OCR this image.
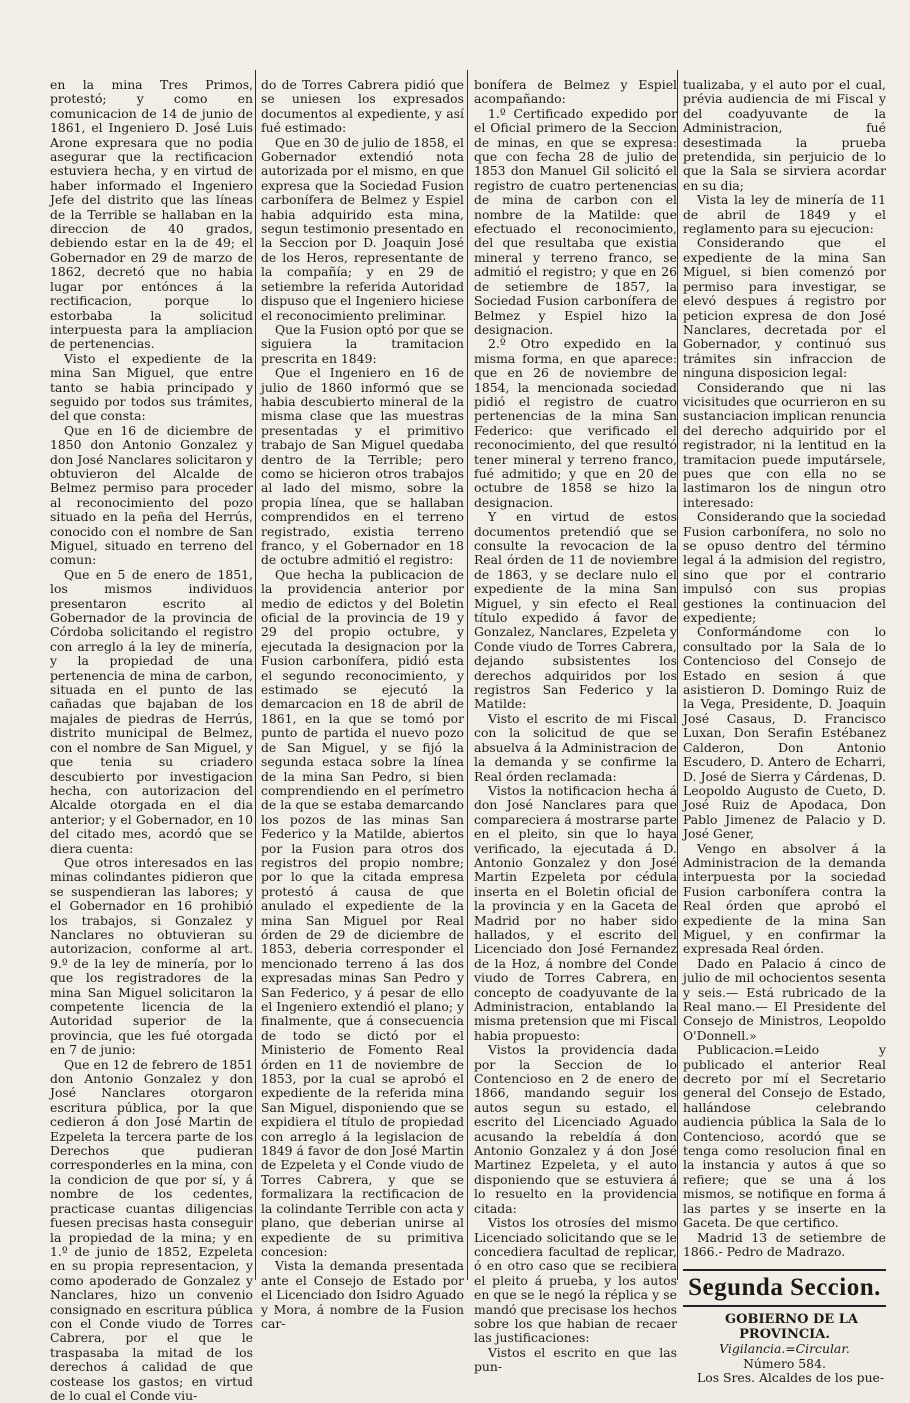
en la mina Tres Primos, protestó; y como en comunicacion de 14 de junio de 1861, el Ingeniero D. José Luis Arone expresara que no podia asegurar que la rectificacion estuviera hecha, y en virtud de haber informado el Ingeniero Jefe del distrito que las líneas de la Terrible se hallaban en la direccion de 40 grados, debiendo estar en la de 49; el Gobernador en 29 de marzo de 1862, decretó que no habia lugar por entónces á la rectificacion, porque lo estorbaba la solicitud interpuesta para la ampliacion de pertenencias.

Visto el expediente de la mina San Miguel, que entre tanto se habia principado y seguido por todos sus trámites, del que consta:

Que en 16 de diciembre de 1850 don Antonio Gonzalez y don José Nanclares solicitaron y obtuvieron del Alcalde de Belmez permiso para proceder al reconocimiento del pozo situado en la peña del Herrús, conocido con el nombre de San Miguel, situado en terreno del comun:

Que en 5 de enero de 1851, los mismos individuos presentaron escrito al Gobernador de la provincia de Córdoba solicitando el registro con arreglo á la ley de minería, y la propiedad de una pertenencia de mina de carbon, situada en el punto de las cañadas que bajaban de los majales de piedras de Herrús, distrito municipal de Belmez, con el nombre de San Miguel, y que tenia su criadero descubierto por investigacion hecha, con autorizacion del Alcalde otorgada en el dia anterior; y el Gobernador, en 10 del citado mes, acordó que se diera cuenta:

Que otros interesados en las minas colindantes pidieron que se suspendieran las labores; y el Gobernador en 16 prohibió los trabajos, si Gonzalez y Nanclares no obtuvieran su autorizacion, conforme al art. 9.º de la ley de minería, por lo que los registradores de la mina San Miguel solicitaron la competente licencia de la Autoridad superior de la provincia, que les fué otorgada en 7 de junio:

Que en 12 de febrero de 1851 don Antonio Gonzalez y don José Nanclares otorgaron escritura pública, por la que cedieron á don José Martin de Ezpeleta la tercera parte de los Derechos que pudieran corresponderles en la mina, con la condicion de que por sí, y á nombre de los cedentes, practicase cuantas diligencias fuesen precisas hasta conseguir la propiedad de la mina; y en 1.º de junio de 1852, Ezpeleta en su propia representacion, y como apoderado de Gonzalez y Nanclares, hizo un convenio consignado en escritura pública con el Conde viudo de Torres Cabrera, por el que le traspasaba la mitad de los derechos á calidad de que costease los gastos; en virtud de lo cual el Conde viu-

do de Torres Cabrera pidió que se uniesen los expresados documentos al expediente, y así fué estimado:

Que en 30 de julio de 1858, el Gobernador extendió nota autorizada por el mismo, en que expresa que la Sociedad Fusion carbonífera de Belmez y Espiel habia adquirido esta mina, segun testimonio presentado en la Seccion por D. Joaquin José de los Heros, representante de la compañía; y en 29 de setiembre la referida Autoridad dispuso que el Ingeniero hiciese el reconocimiento preliminar.

Que la Fusion optó por que se siguiera la tramitacion prescrita en 1849:

Que el Ingeniero en 16 de julio de 1860 informó que se habia descubierto mineral de la misma clase que las muestras presentadas y el primitivo trabajo de San Miguel quedaba dentro de la Terrible; pero como se hicieron otros trabajos al lado del mismo, sobre la propia línea, que se hallaban comprendidos en el terreno registrado, existia terreno franco, y el Gobernador en 18 de octubre admitió el registro:

Que hecha la publicacion de la providencia anterior por medio de edictos y del Boletin oficial de la provincia de 19 y 29 del propio octubre, y ejecutada la designacion por la Fusion carbonífera, pidió esta el segundo reconocimiento, y estimado se ejecutó la demarcacion en 18 de abril de 1861, en la que se tomó por punto de partida el nuevo pozo de San Miguel, y se fijó la segunda estaca sobre la línea de la mina San Pedro, si bien comprendiendo en el perímetro de la que se estaba demarcando los pozos de las minas San Federico y la Matilde, abiertos por la Fusion para otros dos registros del propio nombre; por lo que la citada empresa protestó á causa de que anulado el expediente de la mina San Miguel por Real órden de 29 de diciembre de 1853, deberia corresponder el mencionado terreno á las dos expresadas minas San Pedro y San Federico, y á pesar de ello el Ingeniero extendió el plano; y finalmente, que á consecuencia de todo se dictó por el Ministerio de Fomento Real órden en 11 de noviembre de 1853, por la cual se aprobó el expediente de la referida mina San Miguel, disponiendo que se expidiera el título de propiedad con arreglo á la legislacion de 1849 á favor de don José Martin de Ezpeleta y el Conde viudo de Torres Cabrera, y que se formalizara la rectificacion de la colindante Terrible con acta y plano, que deberian unirse al expediente de su primitiva concesion:

Vista la demanda presentada ante el Consejo de Estado por el Licenciado don Isidro Aguado y Mora, á nombre de la Fusion car-

bonífera de Belmez y Espiel acompañando:

1.º Certificado expedido por el Oficial primero de la Seccion de minas, en que se expresa: que con fecha 28 de julio de 1853 don Manuel Gil solicitó el registro de cuatro pertenencias de mina de carbon con el nombre de la Matilde: que efectuado el reconocimiento, del que resultaba que existia mineral y terreno franco, se admitió el registro; y que en 26 de setiembre de 1857, la Sociedad Fusion carbonífera de Belmez y Espiel hizo la designacion.

2.º Otro expedido en la misma forma, en que aparece: que en 26 de noviembre de 1854, la mencionada sociedad pidió el registro de cuatro pertenencias de la mina San Federico: que verificado el reconocimiento, del que resultó tener mineral y terreno franco, fué admitido; y que en 20 de octubre de 1858 se hizo la designacion.

Y en virtud de estos documentos pretendió que se consulte la revocacion de la Real órden de 11 de noviembre de 1863, y se declare nulo el expediente de la mina San Miguel, y sin efecto el Real título expedido á favor de Gonzalez, Nanclares, Ezpeleta y Conde viudo de Torres Cabrera, dejando subsistentes los derechos adquiridos por los registros San Federico y la Matilde:

Visto el escrito de mi Fiscal con la solicitud de que se absuelva á la Administracion de la demanda y se confirme la Real órden reclamada:

Vistos la notificacion hecha á don José Nanclares para que compareciera á mostrarse parte en el pleito, sin que lo haya verificado, la ejecutada á D. Antonio Gonzalez y don José Martin Ezpeleta por cédula inserta en el Boletin oficial de la provincia y en la Gaceta de Madrid por no haber sido hallados, y el escrito del Licenciado don José Fernandez de la Hoz, á nombre del Conde viudo de Torres Cabrera, en concepto de coadyuvante de la Administracion, entablando la misma pretension que mi Fiscal habia propuesto:

Vistos la providencia dada por la Seccion de lo Contencioso en 2 de enero de 1866, mandando seguir los autos segun su estado, el escrito del Licenciado Aguado acusando la rebeldía á don Antonio Gonzalez y á don José Martinez Ezpeleta, y el auto disponiendo que se estuviera á lo resuelto en la providencia citada:

Vistos los otrosíes del mismo Licenciado solicitando que se le concediera facultad de replicar, ó en otro caso que se recibiera el pleito á prueba, y los autos en que se le negó la réplica y se mandó que precisase los hechos sobre los que habian de recaer las justificaciones:

Vistos el escrito en que las pun-

tualizaba, y el auto por el cual, prévia audiencia de mi Fiscal y del coadyuvante de la Administracion, fué desestimada la prueba pretendida, sin perjuicio de lo que la Sala se sirviera acordar en su dia;

Vista la ley de minería de 11 de abril de 1849 y el reglamento para su ejecucion:

Considerando que el expediente de la mina San Miguel, si bien comenzó por permiso para investigar, se elevó despues á registro por peticion expresa de don José Nanclares, decretada por el Gobernador, y continuó sus trámites sin infraccion de ninguna disposicion legal:

Considerando que ni las vicisitudes que ocurrieron en su sustanciacion implican renuncia del derecho adquirido por el registrador, ni la lentitud en la tramitacion puede imputársele, pues que con ella no se lastimaron los de ningun otro interesado:

Considerando que la sociedad Fusion carbonífera, no solo no se opuso dentro del término legal á la admision del registro, sino que por el contrario impulsó con sus propias gestiones la continuacion del expediente;

Conformándome con lo consultado por la Sala de lo Contencioso del Consejo de Estado en sesion á que asistieron D. Domingo Ruiz de la Vega, Presidente, D. Joaquin José Casaus, D. Francisco Luxan, Don Serafin Estébanez Calderon, Don Antonio Escudero, D. Antero de Echarri, D. José de Sierra y Cárdenas, D. Leopoldo Augusto de Cueto, D. José Ruiz de Apodaca, Don Pablo Jimenez de Palacio y D. José Gener,

Vengo en absolver á la Administracion de la demanda interpuesta por la sociedad Fusion carbonífera contra la Real órden que aprobó el expediente de la mina San Miguel, y en confirmar la expresada Real órden.

Dado en Palacio á cinco de julio de mil ochocientos sesenta y seis.— Está rubricado de la Real mano.— El Presidente del Consejo de Ministros, Leopoldo O'Donnell.»

Publicacion.=Leido y publicado el anterior Real decreto por mí el Secretario general del Consejo de Estado, hallándose celebrando audiencia pública la Sala de lo Contencioso, acordó que se tenga como resolucion final en la instancia y autos á que so refiere; que se una á los mismos, se notifique en forma á las partes y se inserte en la Gaceta. De que certifico.

Madrid 13 de setiembre de 1866.- Pedro de Madrazo.

Segunda Seccion.

GOBIERNO DE LA PROVINCIA.

Vigilancia.=Circular.

Número 584.

Los Sres. Alcaldes de los pue-
